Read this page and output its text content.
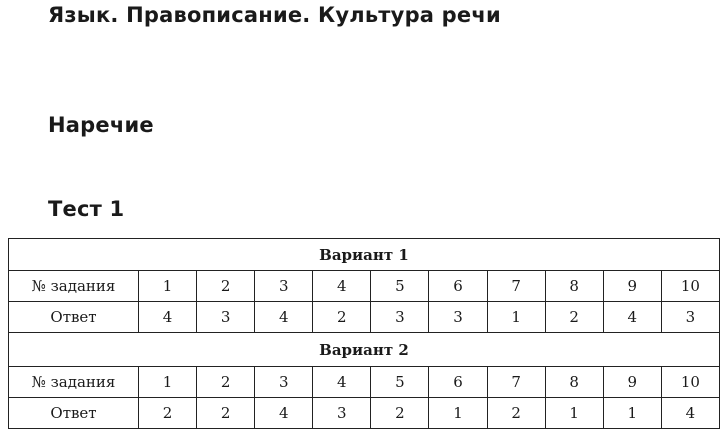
Язык. Правописание. Культура речи
Наречие
Тест 1
Вариант 1										
№ задания	1	2	3	4	5	6	7	8	9	10
Ответ	4	3	4	2	3	3	1	2	4	3
Вариант 2										
№ задания	1	2	3	4	5	6	7	8	9	10
Ответ	2	2	4	3	2	1	2	1	1	4
